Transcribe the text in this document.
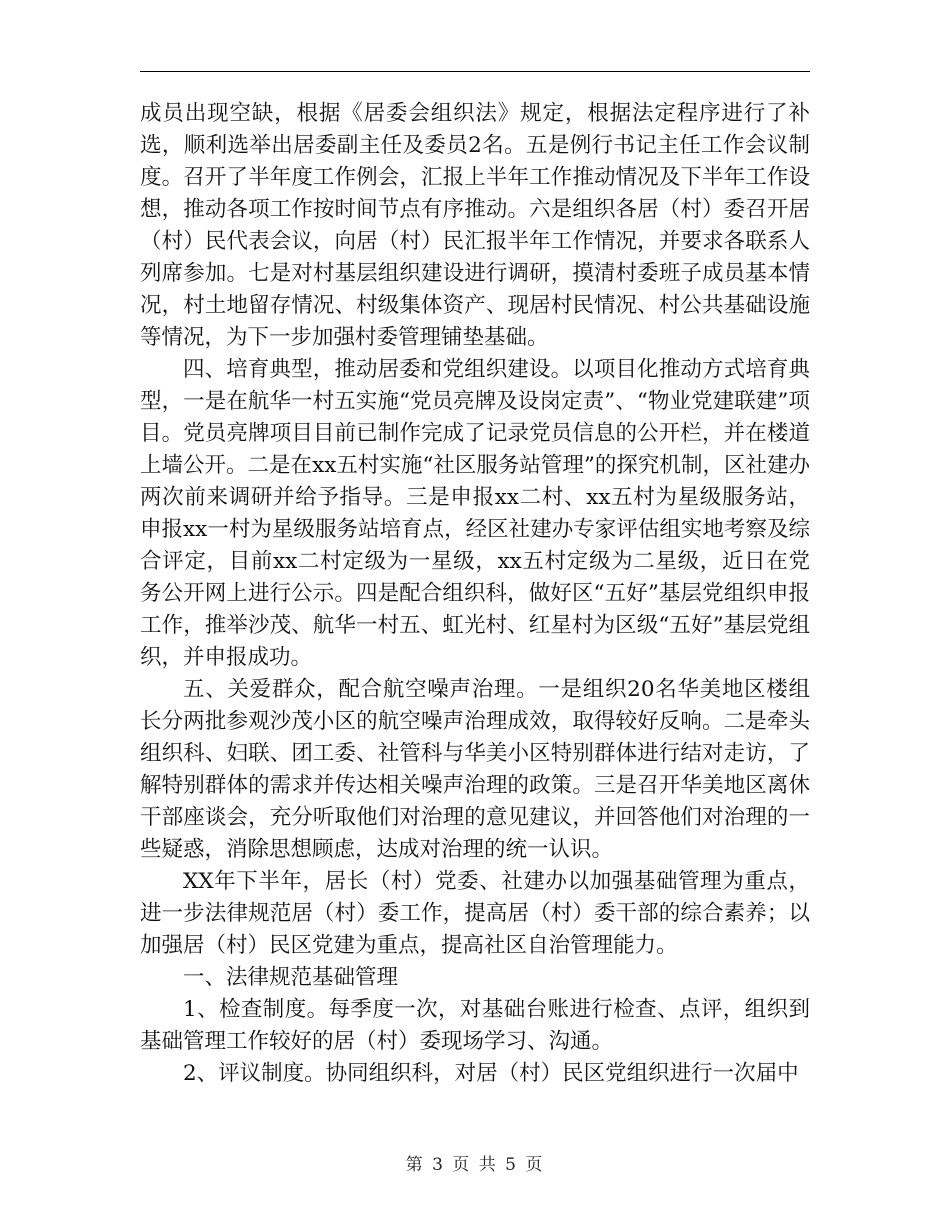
成员出现空缺，根据《居委会组织法》规定，根据法定程序进行了补选，顺利选举出居委副主任及委员2名。五是例行书记主任工作会议制度。召开了半年度工作例会，汇报上半年工作推动情况及下半年工作设想，推动各项工作按时间节点有序推动。六是组织各居（村）委召开居（村）民代表会议，向居（村）民汇报半年工作情况，并要求各联系人列席参加。七是对村基层组织建设进行调研，摸清村委班子成员基本情况，村土地留存情况、村级集体资产、现居村民情况、村公共基础设施等情况，为下一步加强村委管理铺垫基础。

四、培育典型，推动居委和党组织建设。以项目化推动方式培育典型，一是在航华一村五实施“党员亮牌及设岗定责”、“物业党建联建”项目。党员亮牌项目目前已制作完成了记录党员信息的公开栏，并在楼道上墙公开。二是在xx五村实施“社区服务站管理”的探究机制，区社建办两次前来调研并给予指导。三是申报xx二村、xx五村为星级服务站，申报xx一村为星级服务站培育点，经区社建办专家评估组实地考察及综合评定，目前xx二村定级为一星级，xx五村定级为二星级，近日在党务公开网上进行公示。四是配合组织科，做好区“五好”基层党组织申报工作，推举沙茂、航华一村五、虹光村、红星村为区级“五好”基层党组织，并申报成功。

五、关爱群众，配合航空噪声治理。一是组织20名华美地区楼组长分两批参观沙茂小区的航空噪声治理成效，取得较好反响。二是牵头组织科、妇联、团工委、社管科与华美小区特别群体进行结对走访，了解特别群体的需求并传达相关噪声治理的政策。三是召开华美地区离休干部座谈会，充分听取他们对治理的意见建议，并回答他们对治理的一些疑惑，消除思想顾虑，达成对治理的统一认识。

XX年下半年，居长（村）党委、社建办以加强基础管理为重点，进一步法律规范居（村）委工作，提高居（村）委干部的综合素养；以加强居（村）民区党建为重点，提高社区自治管理能力。

一、法律规范基础管理

1、检查制度。每季度一次，对基础台账进行检查、点评，组织到基础管理工作较好的居（村）委现场学习、沟通。

2、评议制度。协同组织科，对居（村）民区党组织进行一次届中

第 3 页 共 5 页
